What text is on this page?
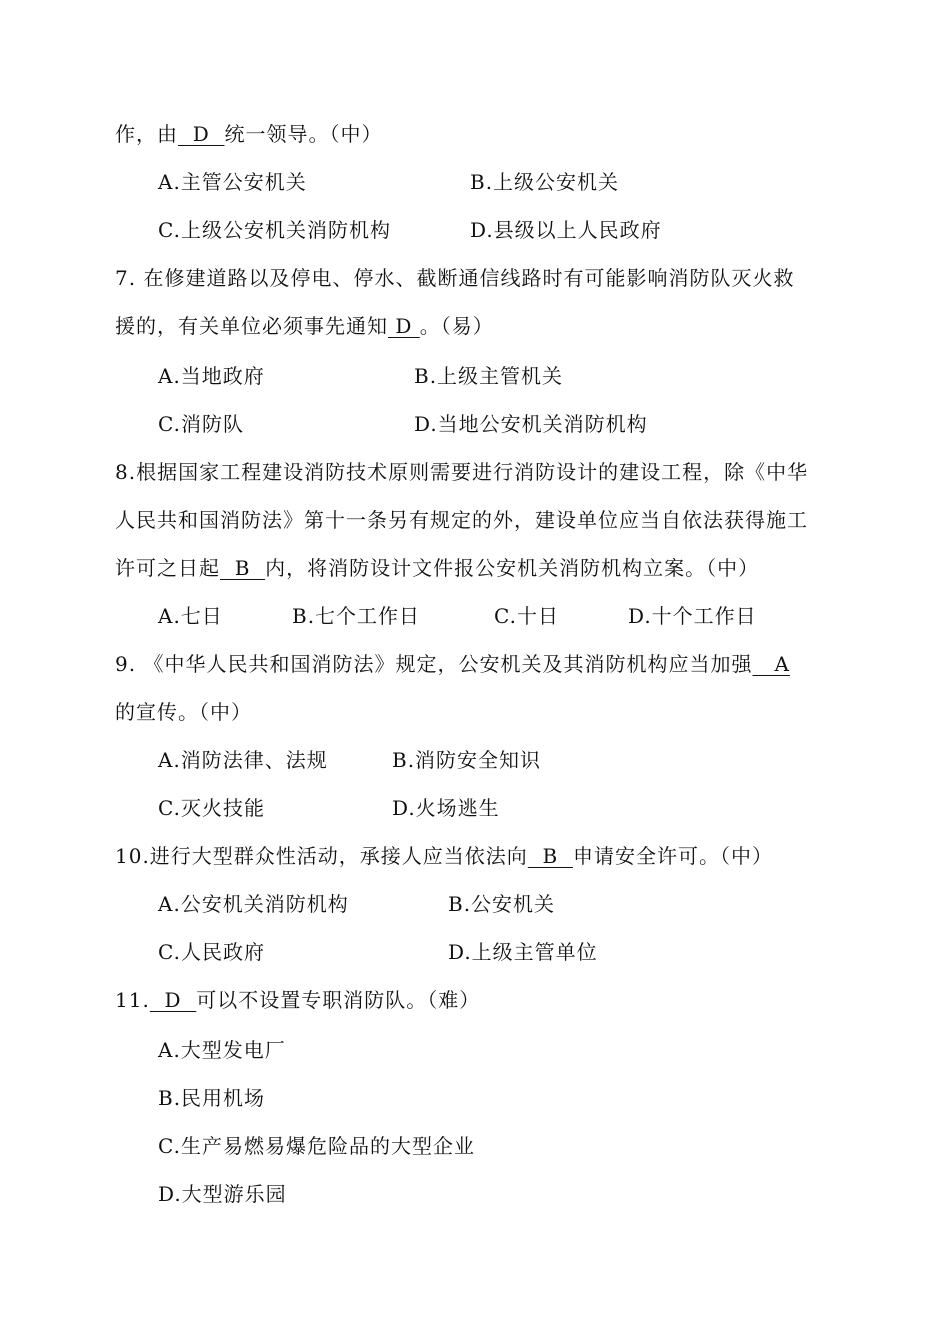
作，由  D  统一领导。（中）
A.主管公安机关	B.上级公安机关
C.上级公安机关消防机构	D.县级以上人民政府
7. 在修建道路以及停电、停水、截断通信线路时有可能影响消防队灭火救
援的，有关单位必须事先通知 D 。（易）
A.当地政府	B.上级主管机关
C.消防队	D.当地公安机关消防机构
8.根据国家工程建设消防技术原则需要进行消防设计的建设工程，除《中华
人民共和国消防法》第十一条另有规定的外，建设单位应当自依法获得施工
许可之日起  B  内，将消防设计文件报公安机关消防机构立案。（中）
A.七日	B.七个工作日	C.十日	D.十个工作日
9. 《中华人民共和国消防法》规定，公安机关及其消防机构应当加强   A
的宣传。（中）
A.消防法律、法规	B.消防安全知识
C.灭火技能	D.火场逃生
10.进行大型群众性活动，承接人应当依法向  B  申请安全许可。（中）
A.公安机关消防机构	B.公安机关
C.人民政府	D.上级主管单位
11.  D  可以不设置专职消防队。（难）
A.大型发电厂
B.民用机场
C.生产易燃易爆危险品的大型企业
D.大型游乐园
